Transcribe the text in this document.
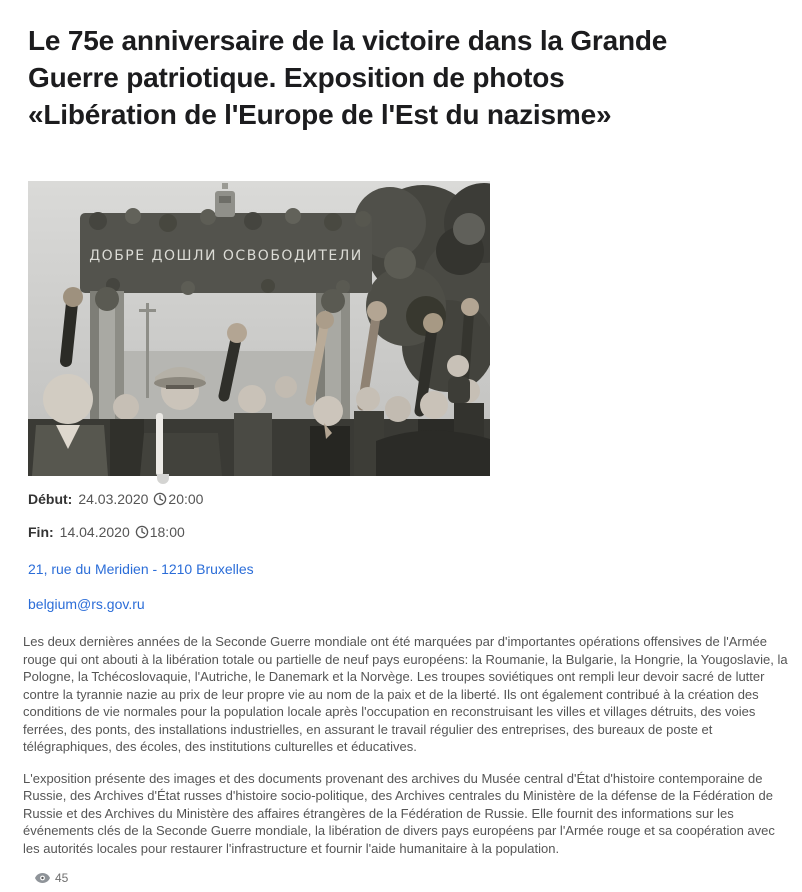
Le 75e anniversaire de la victoire dans la Grande Guerre patriotique. Exposition de photos «Libération de l'Europe de l'Est du nazisme»
ДОБРЕ ДОШЛИ ОСВОБОДИТЕЛИ
Début: 24.03.2020 20:00
Fin: 14.04.2020 18:00
21, rue du Meridien - 1210 Bruxelles
belgium@rs.gov.ru

Les deux dernières années de la Seconde Guerre mondiale ont été marquées par d'importantes opérations offensives de l'Armée rouge qui ont abouti à la libération totale ou partielle de neuf pays européens: la Roumanie, la Bulgarie, la Hongrie, la Yougoslavie, la Pologne, la Tchécoslovaquie, l'Autriche, le Danemark et la Norvège. Les troupes soviétiques ont rempli leur devoir sacré de lutter contre la tyrannie nazie au prix de leur propre vie au nom de la paix et de la liberté. Ils ont également contribué à la création des conditions de vie normales pour la population locale après l'occupation en reconstruisant les villes et villages détruits, des voies ferrées, des ponts, des installations industrielles, en assurant le travail régulier des entreprises, des bureaux de poste et télégraphiques, des écoles, des institutions culturelles et éducatives.

L'exposition présente des images et des documents provenant des archives du Musée central d'État d'histoire contemporaine de Russie, des Archives d'État russes d'histoire socio-politique, des Archives centrales du Ministère de la défense de la Fédération de Russie et des Archives du Ministère des affaires étrangères de la Fédération de Russie. Elle fournit des informations sur les événements clés de la Seconde Guerre mondiale, la libération de divers pays européens par l'Armée rouge et sa coopération avec les autorités locales pour restaurer l'infrastructure et fournir l'aide humanitaire à la population.

45
